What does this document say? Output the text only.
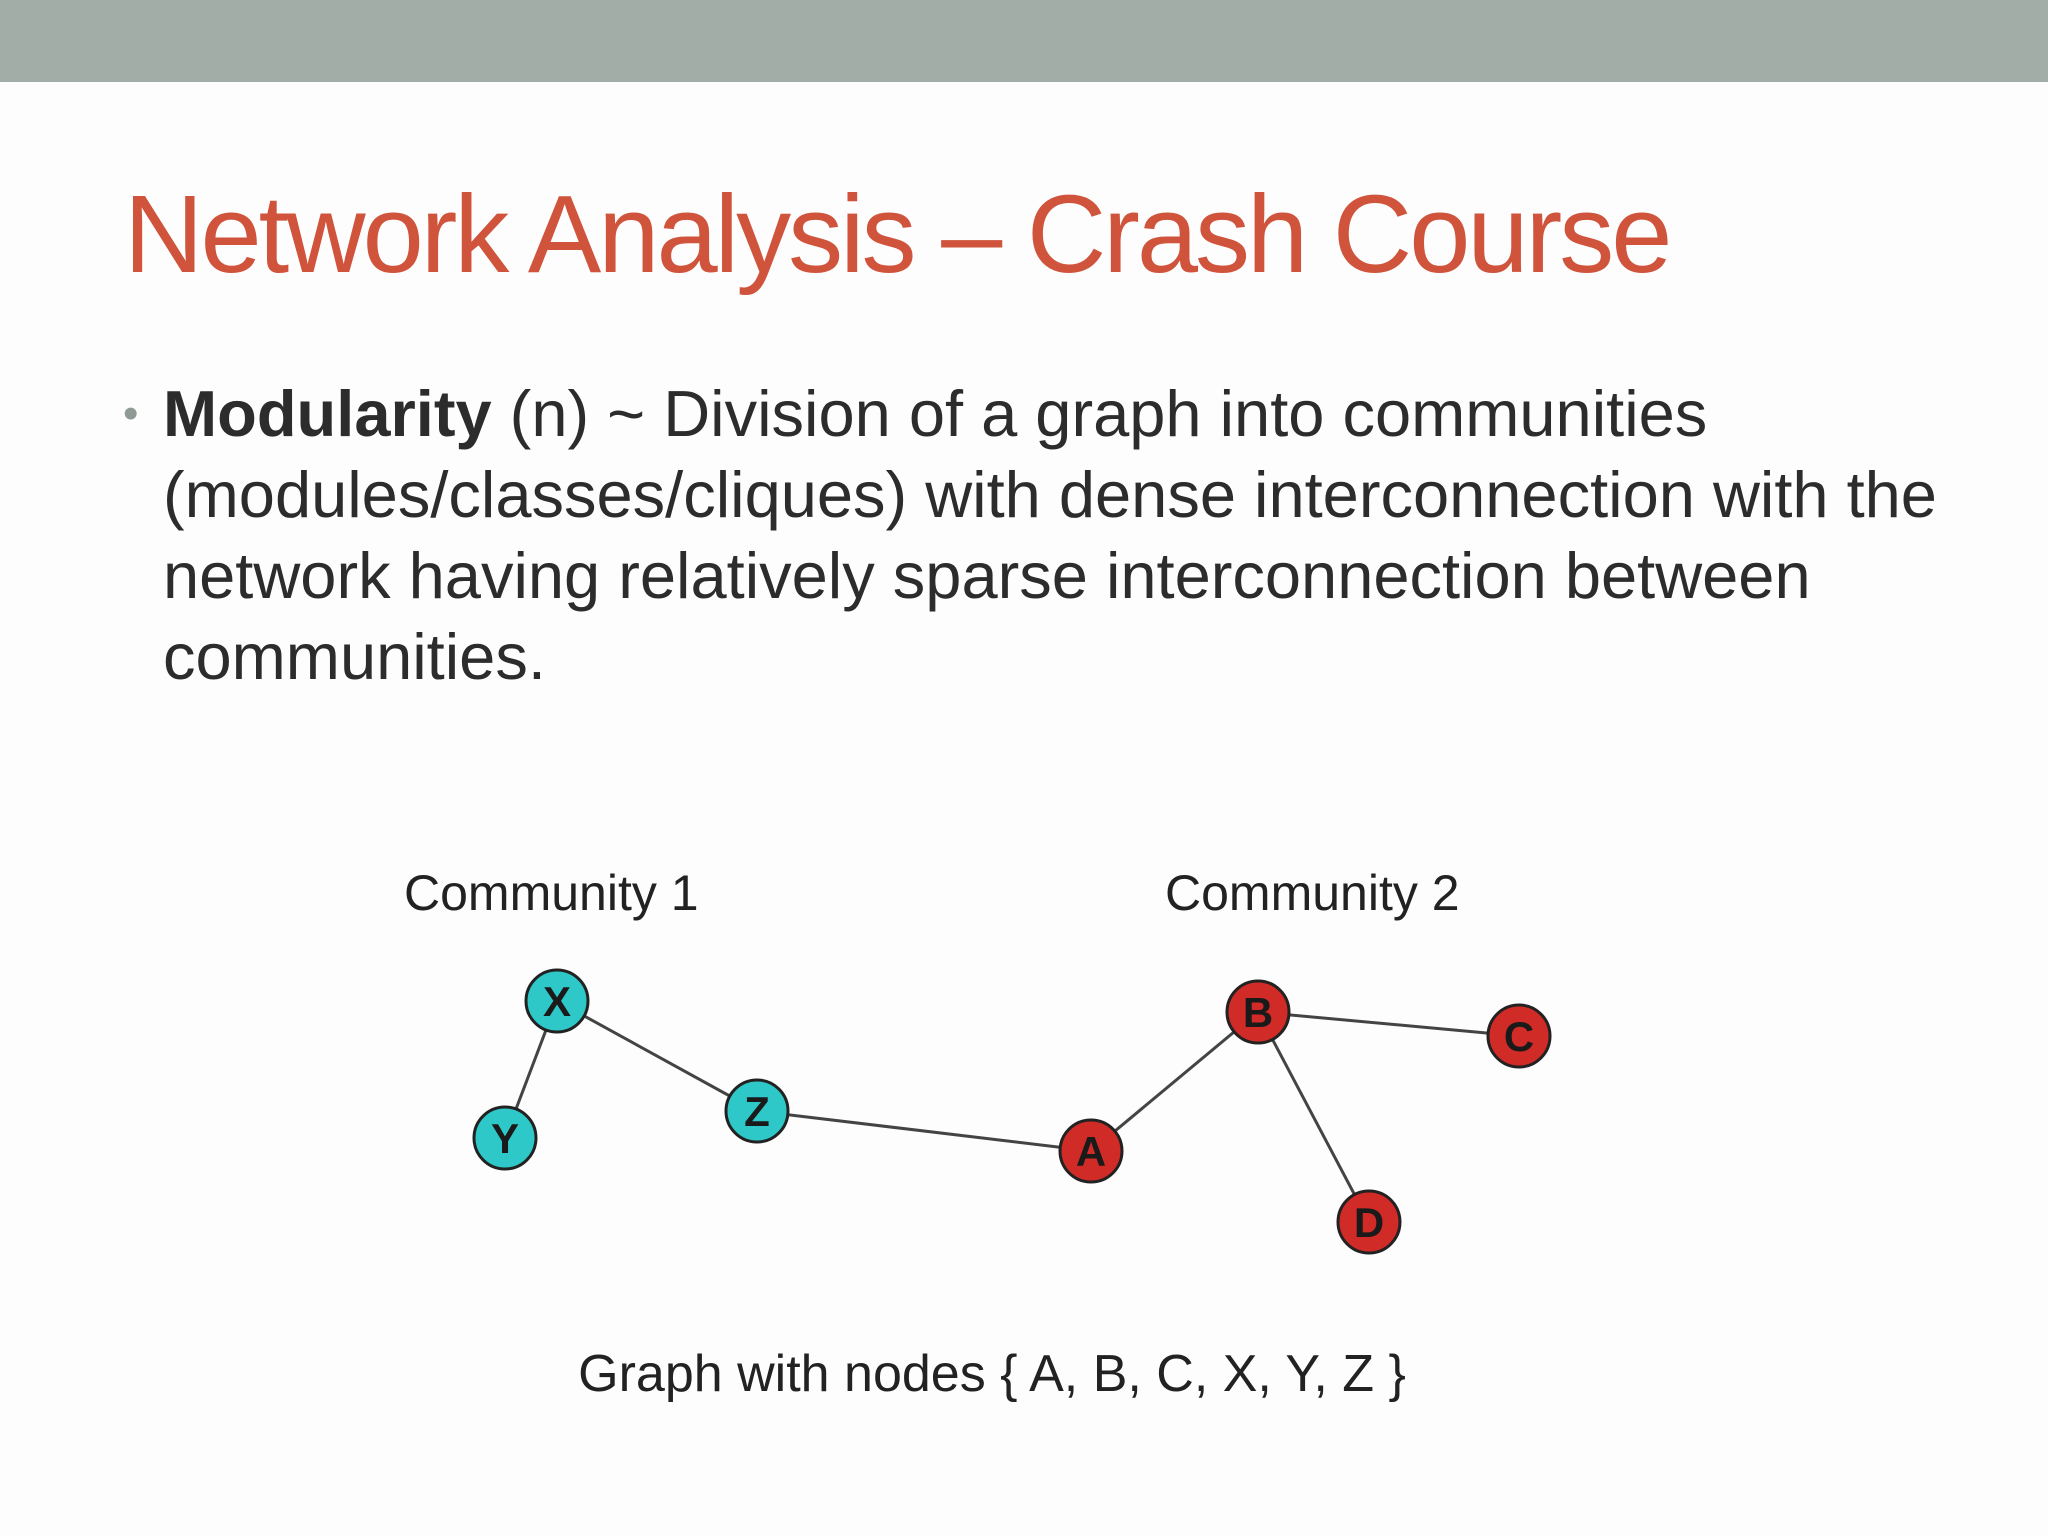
Network Analysis – Crash Course
• Modularity (n) ~ Division of a graph into communities (modules/classes/cliques) with dense interconnection with the network having relatively sparse interconnection between communities.
Community 1	Community 2
X
Y
Z
A
B
C
D
Graph with nodes { A, B, C, X, Y, Z }
